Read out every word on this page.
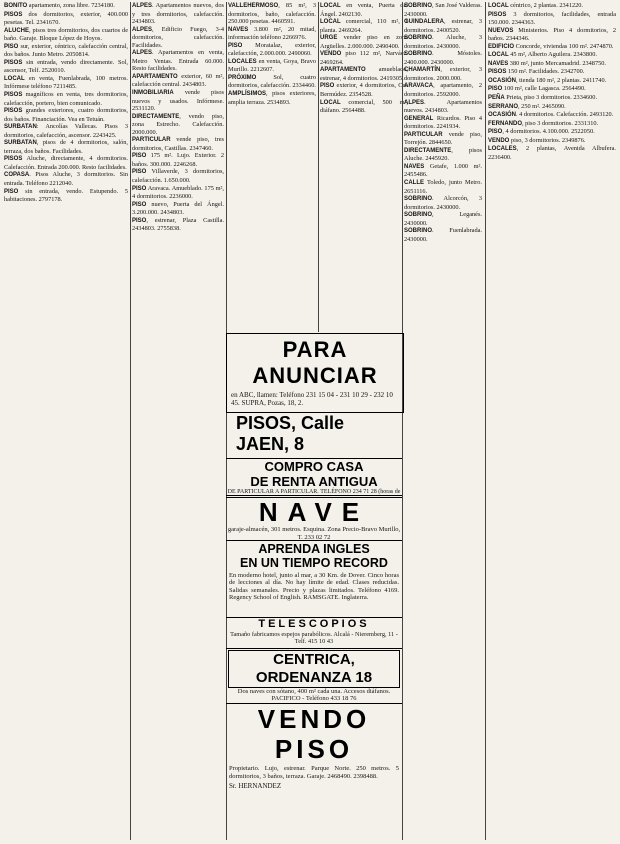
BONITO apartamento, zona libre. 7234180.

PISOS dos dormitorios, exterior, 400.000 pesetas. Tel. 2341670.

ALUCHE, pisos tres dormitorios, dos cuartos de baño. Garaje. Bloque López de Hoyos.

PISO sur, exterior, céntrico, calefacción central, dos baños. Junto Metro. 2050814.

PISOS sin entrada, vendo directamente. Sol, ascensor, Telf. 2520010.

LOCAL en venta, Fuenlabrada, 100 metros. Infórmese teléfono 7211485.

PISOS magníficos en venta, tres dormitorios, calefacción, portero, bien comunicado.

PISOS grandes exteriores, cuatro dormitorios, dos baños. Financiación. Vea en Tetuán.

SURBATAN: Ancolías Vallecas. Pisos 3 dormitorios, calefacción, ascensor. 2243425.

SURBATAN, pisos de 4 dormitorios, salón, terraza, dos baños. Facilidades.

PISOS Aluche, directamente, 4 dormitorios. Calefacción. Entrada 200.000. Resto facilidades.

COPASA. Pisos Aluche, 3 dormitorios. Sin entrada. Teléfono 2212040.

PISO sin entrada, vendo. Estupendo. 5 habitaciones. 2797178.

ALPES. Apartamentos nuevos, dos y tres dormitorios, calefacción. 2434803.

ALPES, Edificio Fuego, 3-4 dormitorios, calefacción. Facilidades.

ALPES. Apartamentos en venta, Metro Ventas. Entrada 60.000. Resto facilidades.

APARTAMENTO exterior, 60 m², calefacción central. 2434803.

INMOBILIARIA vende pisos nuevos y usados. Infórmese. 2531120.

DIRECTAMENTE, vendo piso, zona Estrecho. Calefacción. 2000.000.

PARTICULAR vende piso, tres dormitorios, Castillas. 2347460.

PISO 175 m². Lujo. Exterior. 2 baños. 300.000. 2246268.

PISO Villaverde, 3 dormitorios, calefacción. 1.650.000.

PISO Aravaca. Amueblado. 175 m², 4 dormitorios. 2236000.

PISO nuevo, Puerta del Ángel. 3.200.000. 2434803.

PISO, estrenar, Plaza Castilla. 2434803. 2755838.

VALLEHERMOSO, 85 m², 3 dormitorios, baño, calefacción. 250.000 pesetas. 4460591.

NAVES 3.800 m², 20 mitad, información teléfono 2266976.

PISO Moratalaz, exterior, calefacción, 2.000.000. 2490060.

LOCALES en venta, Goya, Bravo Murillo. 2212607.

PRÓXIMO Sol, cuatro dormitorios, calefacción. 2334460.

AMPLÍSIMOS, pisos exteriores, amplia terraza. 2534893.

LOCAL en venta, Puerta del Ángel. 2402130.

LOCAL comercial, 110 m², 1 planta. 2469264.

URGE vender piso en zona Argüelles. 2.000.000. 2490400.

VENDO piso 112 m², Narváez. 2469264.

APARTAMENTO amueblado, estrenar, 4 dormitorios. 2419305.

PISO exterior, 4 dormitorios, Cea Bermúdez. 2354528.

LOCAL comercial, 500 m², diáfano. 2564488.

SOBRINO, San José Valderas. 2430000.

GUINDALERA, estrenar, 3 dormitorios. 2400520.

SOBRINO. Aluche, 3 dormitorios. 2430000.

SOBRINO. Móstoles. 2400.000. 2430000.

CHAMARTÍN, exterior, 3 dormitorios. 2000.000.

ARAVACA, apartamento, 2 dormitorios. 2592000.

ALPES. Apartamentos nuevos. 2434803.

GENERAL Ricardos. Piso 4 dormitorios. 2241934.

PARTICULAR vende piso, Torrejón. 2844650.

DIRECTAMENTE, pisos Aluche. 2445920.

NAVES Getafe, 1.000 m². 2455486.

CALLE Toledo, junto Metro. 2651116.

SOBRINO. Alcorcón, 3 dormitorios. 2430000.

SOBRINO, Leganés. 2430000.

SOBRINO. Fuenlabrada. 2430000.

LOCAL céntrico, 2 plantas. 2341220.

PISOS 3 dormitorios, facilidades, entrada 150.000. 2344363.

NUEVOS Ministerios. Piso 4 dormitorios, 2 baños. 2344346.

EDIFICIO Concorde, viviendas 100 m². 2474870.

LOCAL 45 m², Alberto Aguilera. 2343800.

NAVES 380 m², junto Mercamadrid. 2348750.

PISOS 150 m². Facilidades. 2342700.

OCASIÓN, tienda 180 m², 2 plantas. 2411740.

PISO 100 m², calle Lagasca. 2564490.

PEÑA Prieta, piso 3 dormitorios. 2334600.

SERRANO, 250 m². 2465090.

OCASIÓN. 4 dormitorios. Calefacción. 2493120.

FERNANDO, piso 3 dormitorios. 2331310.

PISO, 4 dormitorios. 4.100.000. 2522050.

VENDO piso, 3 dormitorios. 2349876.

LOCALES, 2 plantas, Avenida Albufera. 2236400.

PARA ANUNCIAR
en ABC, llamen: Teléfono 231 15 04 - 231 10 29 - 232 10 45. SUPRA, Pozas, 18, 2.
PISOS, Calle JAEN, 8
COMPRO CASA
DE RENTA ANTIGUA
DE PARTICULAR A PARTICULAR. TELÉFONO 234 71 28 (horas de
NAVE
garaje-almacén, 301 metros. Esquina. Zona Precio-Bravo Murillo, T. 233 02 72
APRENDA INGLES
EN UN TIEMPO RECORD
En moderno hotel, junto al mar, a 30 Km. de Dover. Cinco horas de lecciones al día. No hay límite de edad. Clases reducidas. Salidas semanales. Precio y plazas limitados. Teléfono 4169. Regency School of English. RAMSGATE. Inglaterra.
TELESCOPIOS
Tamaño fabricamos espejos parabólicos. Alcalá - Nieremberg, 11 - Telf. 415 10 43
CENTRICA, ORDENANZA 18
Dos naves con sótano, 400 m² cada una. Accesos diáfanos.
PACIFICO - Teléfono 433 18 76
VENDO PISO
Propietario. Lujo, estrenar. Parque Norte. 250 metros. 5 dormitorios, 3 baños, terraza. Garaje. 2468490. 2398488.
Sr. HERNANDEZ
